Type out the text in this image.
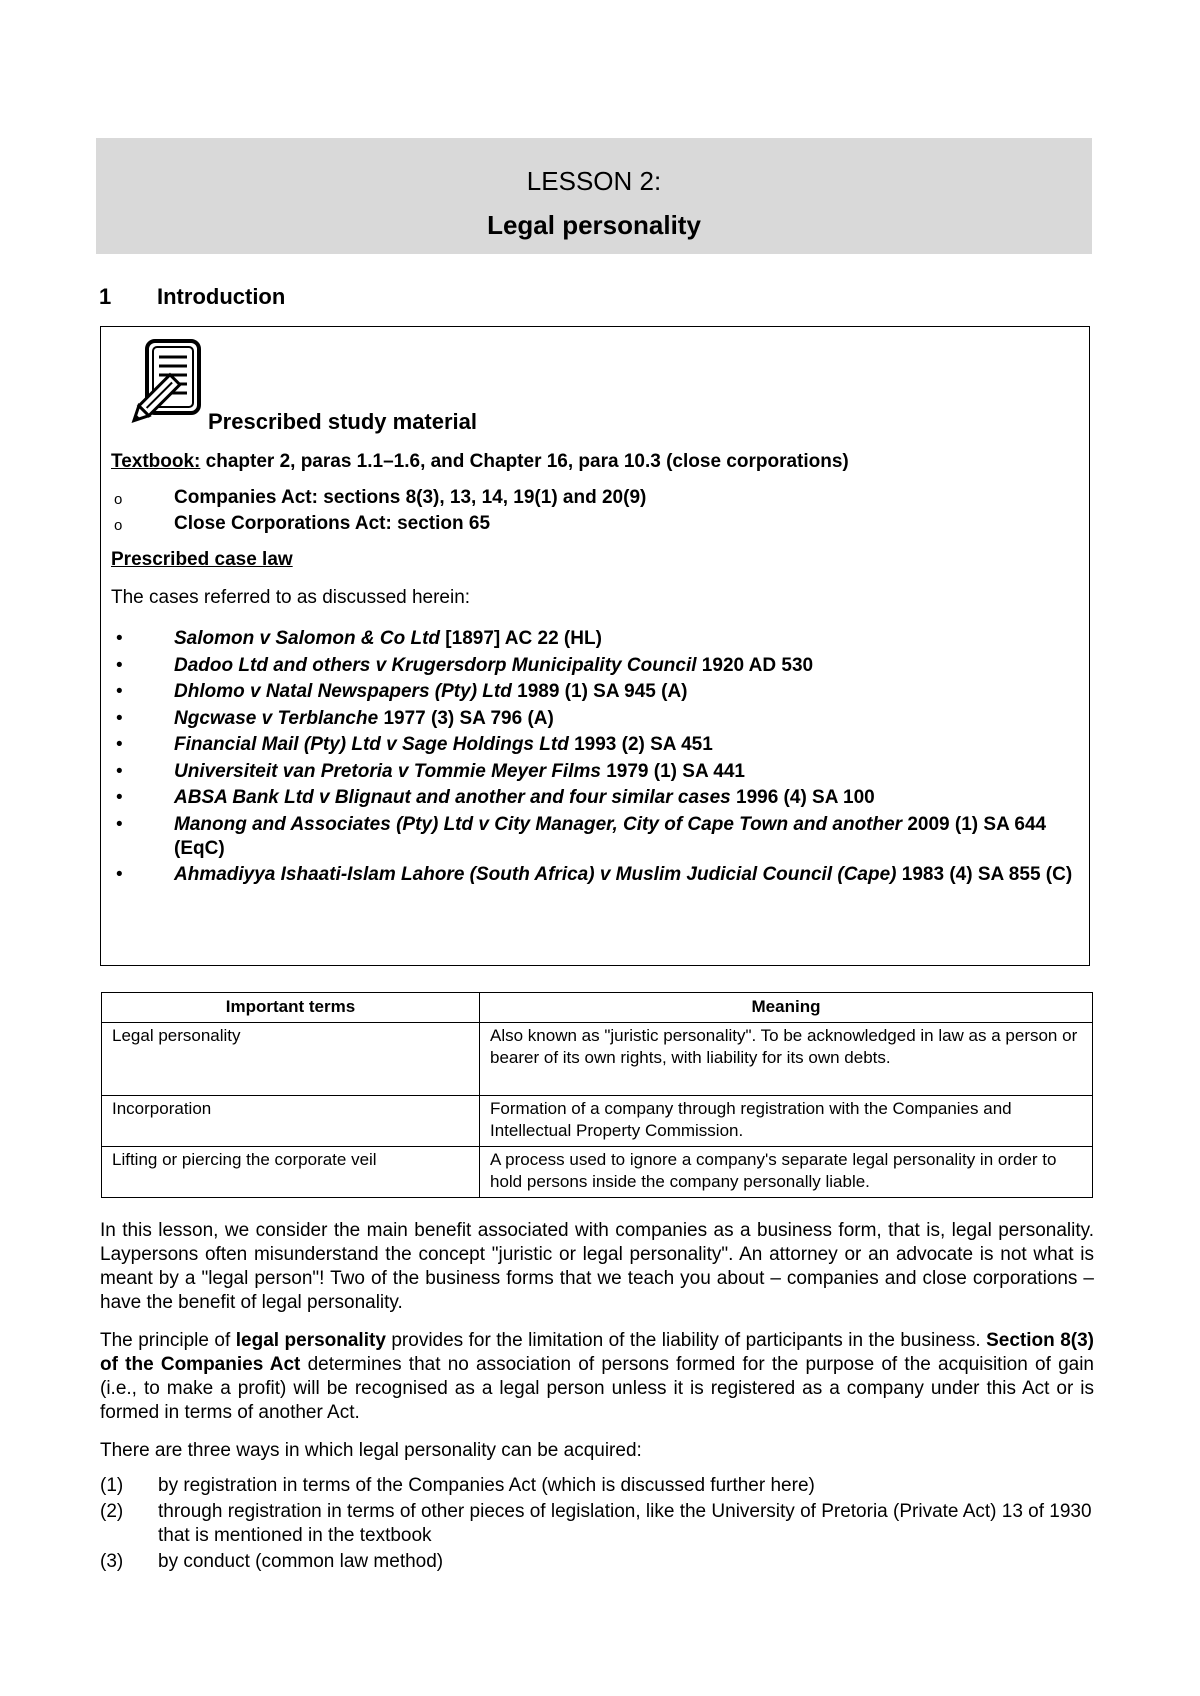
LESSON 2:
Legal personality
1 Introduction
Prescribed study material
Textbook: chapter 2, paras 1.1–1.6, and Chapter 16, para 10.3 (close corporations)
o	Companies Act: sections 8(3), 13, 14, 19(1) and 20(9)
o	Close Corporations Act: section 65
Prescribed case law
The cases referred to as discussed herein:
•	Salomon v Salomon & Co Ltd [1897] AC 22 (HL)
•	Dadoo Ltd and others v Krugersdorp Municipality Council 1920 AD 530
•	Dhlomo v Natal Newspapers (Pty) Ltd 1989 (1) SA 945 (A)
•	Ngcwase v Terblanche 1977 (3) SA 796 (A)
•	Financial Mail (Pty) Ltd v Sage Holdings Ltd 1993 (2) SA 451
•	Universiteit van Pretoria v Tommie Meyer Films 1979 (1) SA 441
•	ABSA Bank Ltd v Blignaut and another and four similar cases 1996 (4) SA 100
•	Manong and Associates (Pty) Ltd v City Manager, City of Cape Town and another 2009 (1) SA 644 (EqC)
•	Ahmadiyya Ishaati-Islam Lahore (South Africa) v Muslim Judicial Council (Cape) 1983 (4) SA 855 (C)
Important terms	Meaning
Legal personality	Also known as "juristic personality". To be acknowledged in law as a person or bearer of its own rights, with liability for its own debts.
Incorporation	Formation of a company through registration with the Companies and Intellectual Property Commission.
Lifting or piercing the corporate veil	A process used to ignore a company's separate legal personality in order to hold persons inside the company personally liable.

In this lesson, we consider the main benefit associated with companies as a business form, that is, legal personality. Laypersons often misunderstand the concept "juristic or legal personality". An attorney or an advocate is not what is meant by a "legal person"! Two of the business forms that we teach you about – companies and close corporations – have the benefit of legal personality.

The principle of legal personality provides for the limitation of the liability of participants in the business. Section 8(3) of the Companies Act determines that no association of persons formed for the purpose of the acquisition of gain (i.e., to make a profit) will be recognised as a legal person unless it is registered as a company under this Act or is formed in terms of another Act.

There are three ways in which legal personality can be acquired:

(1) by registration in terms of the Companies Act (which is discussed further here)
(2) through registration in terms of other pieces of legislation, like the University of Pretoria (Private Act) 13 of 1930 that is mentioned in the textbook
(3) by conduct (common law method)
